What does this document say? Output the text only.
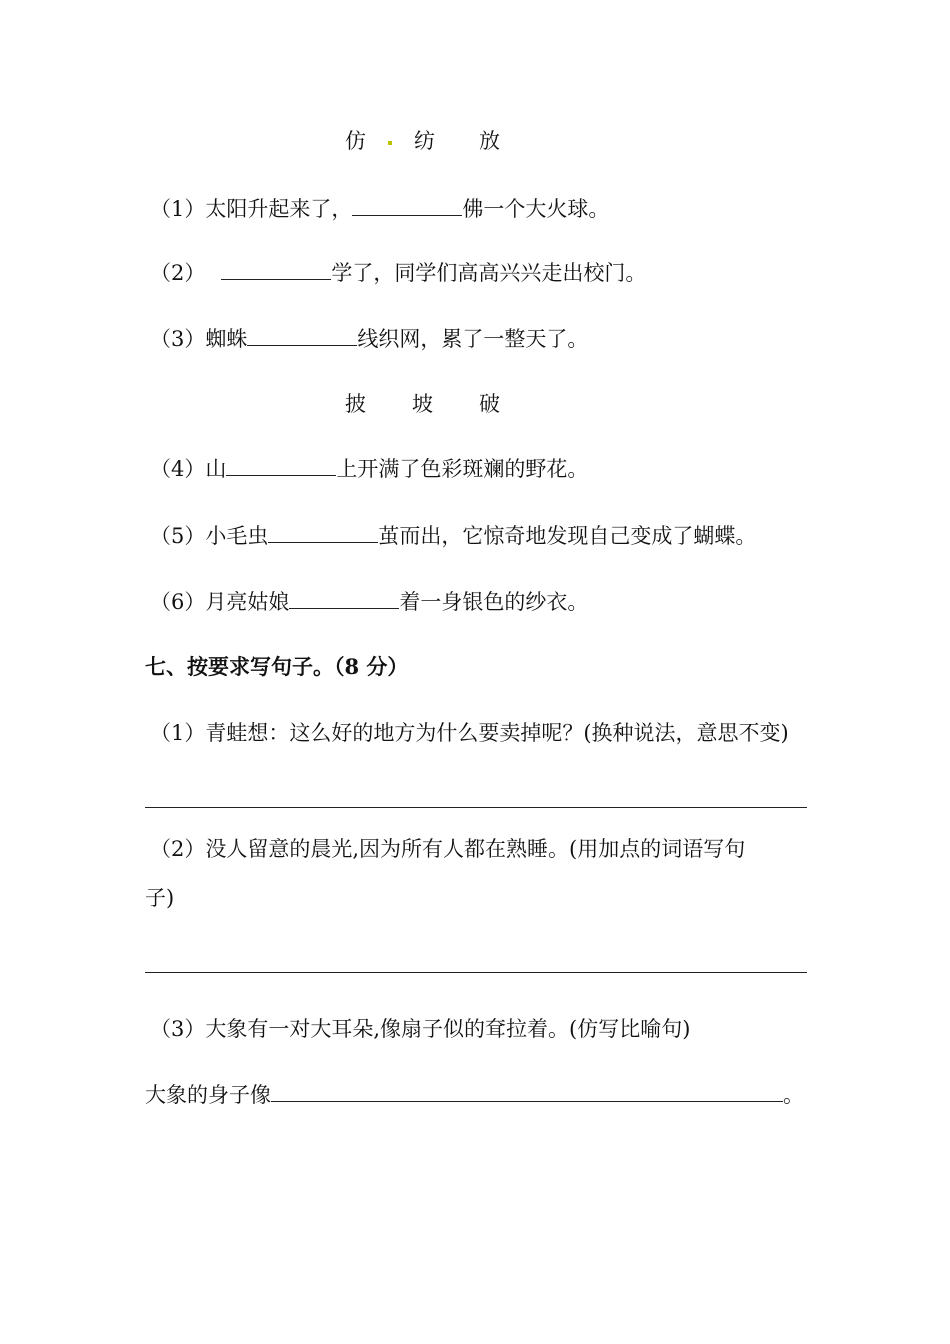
仿 纺 放
（1）太阳升起来了，	佛一个大火球。
（2）	学了，同学们高高兴兴走出校门。
（3）蜘蛛	线织网，累了一整天了。
披 坡 破
（4）山	上开满了色彩斑斓的野花。
（5）小毛虫	茧而出，它惊奇地发现自己变成了蝴蝶。
（6）月亮姑娘	着一身银色的纱衣。
七、按要求写句子。（8 分）
（1）青蛙想：这么好的地方为什么要卖掉呢？(换种说法，意思不变)
（2）没人留意的晨光,因为所有人都在熟睡。(用加点的词语写句
子)
（3）大象有一对大耳朵,像扇子似的耷拉着。(仿写比喻句)
大象的身子像	。
